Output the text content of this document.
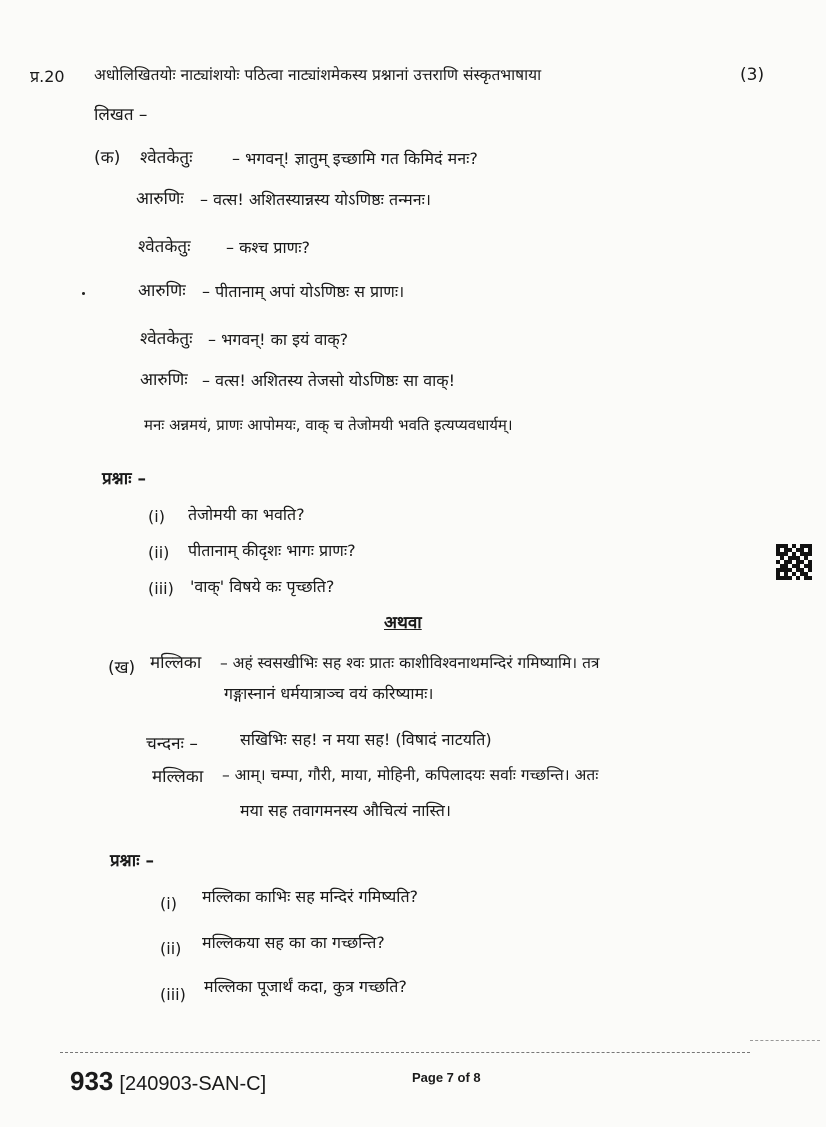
प्र.20 अधोलिखितयोः नाट्यांशयोः पठित्वा नाट्यांशमेकस्य प्रश्नानां उत्तराणि संस्कृतभाषाया	(3)
लिखत –
(क) श्वेतकेतुः – भगवन्! ज्ञातुम् इच्छामि गत किमिदं मनः?
आरुणिः – वत्स! अशितस्यान्नस्य योऽणिष्ठः तन्मनः।
श्वेतकेतुः – कश्च प्राणः?
आरुणिः – पीतानाम् अपां योऽणिष्ठः स प्राणः।
श्वेतकेतुः – भगवन्! का इयं वाक्?
आरुणिः – वत्स! अशितस्य तेजसो योऽणिष्ठः सा वाक्!
मनः अन्नमयं, प्राणः आपोमयः, वाक् च तेजोमयी भवति इत्यप्यवधार्यम्।
प्रश्नाः –
(i) तेजोमयी का भवति?
(ii) पीतानाम् कीदृशः भागः प्राणः?
(iii) 'वाक्' विषये कः पृच्छति?
अथवा
(ख) मल्लिका – अहं स्वसखीभिः सह श्वः प्रातः काशीविश्वनाथमन्दिरं गमिष्यामि। तत्र
गङ्गास्नानं धर्मयात्राञ्च वयं करिष्यामः।
चन्दनः –	सखिभिः सह! न मया सह! (विषादं नाटयति)
मल्लिका – आम्। चम्पा, गौरी, माया, मोहिनी, कपिलादयः सर्वाः गच्छन्ति। अतः
मया सह तवागमनस्य औचित्यं नास्ति।
प्रश्नाः –
(i) मल्लिका काभिः सह मन्दिरं गमिष्यति?
(ii) मल्लिकया सह का का गच्छन्ति?
(iii) मल्लिका पूजार्थं कदा, कुत्र गच्छति?
933 [240903-SAN-C]	Page 7 of 8
